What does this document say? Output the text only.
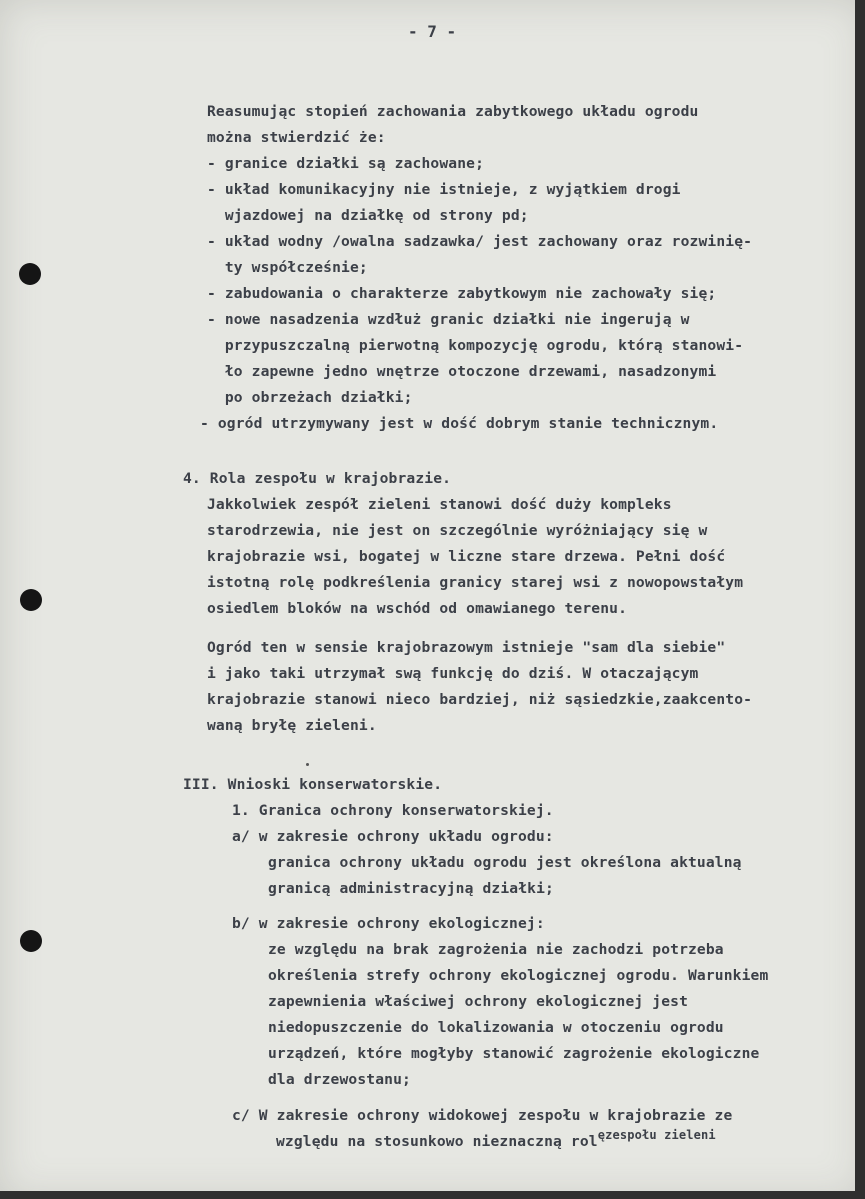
- 7 -
Reasumując stopień zachowania zabytkowego układu ogrodu
można stwierdzić że:
- granice działki są zachowane;
- układ komunikacyjny nie istnieje, z wyjątkiem drogi
wjazdowej na działkę od strony pd;
- układ wodny /owalna sadzawka/ jest zachowany oraz rozwinię-
ty współcześnie;
- zabudowania o charakterze zabytkowym nie zachowały się;
- nowe nasadzenia wzdłuż granic działki nie ingerują w
przypuszczalną pierwotną kompozycję ogrodu, którą stanowi-
ło zapewne jedno wnętrze otoczone drzewami, nasadzonymi
po obrzeżach działki;
- ogród utrzymywany jest w dość dobrym stanie technicznym.
4. Rola zespołu w krajobrazie.
Jakkolwiek zespół zieleni stanowi dość duży kompleks
starodrzewia, nie jest on szczególnie wyróżniający się w
krajobrazie wsi, bogatej w liczne stare drzewa. Pełni dość
istotną rolę podkreślenia granicy starej wsi z nowopowstałym
osiedlem bloków na wschód od omawianego terenu.
Ogród ten w sensie krajobrazowym istnieje "sam dla siebie"
i jako taki utrzymał swą funkcję do dziś. W otaczającym
krajobrazie stanowi nieco bardziej, niż sąsiedzkie,zaakcento-
waną bryłę zieleni.
III. Wnioski konserwatorskie.
1. Granica ochrony konserwatorskiej.
a/ w zakresie ochrony układu ogrodu:
granica ochrony układu ogrodu jest określona aktualną
granicą administracyjną działki;
b/ w zakresie ochrony ekologicznej:
ze względu na brak zagrożenia nie zachodzi potrzeba
określenia strefy ochrony ekologicznej ogrodu. Warunkiem
zapewnienia właściwej ochrony ekologicznej jest
niedopuszczenie do lokalizowania w otoczeniu ogrodu
urządzeń, które mogłyby stanowić zagrożenie ekologiczne
dla drzewostanu;
c/ W zakresie ochrony widokowej zespołu w krajobrazie ze
względu na stosunkowo nieznaczną rol$^{ęzespołu zieleni}$
